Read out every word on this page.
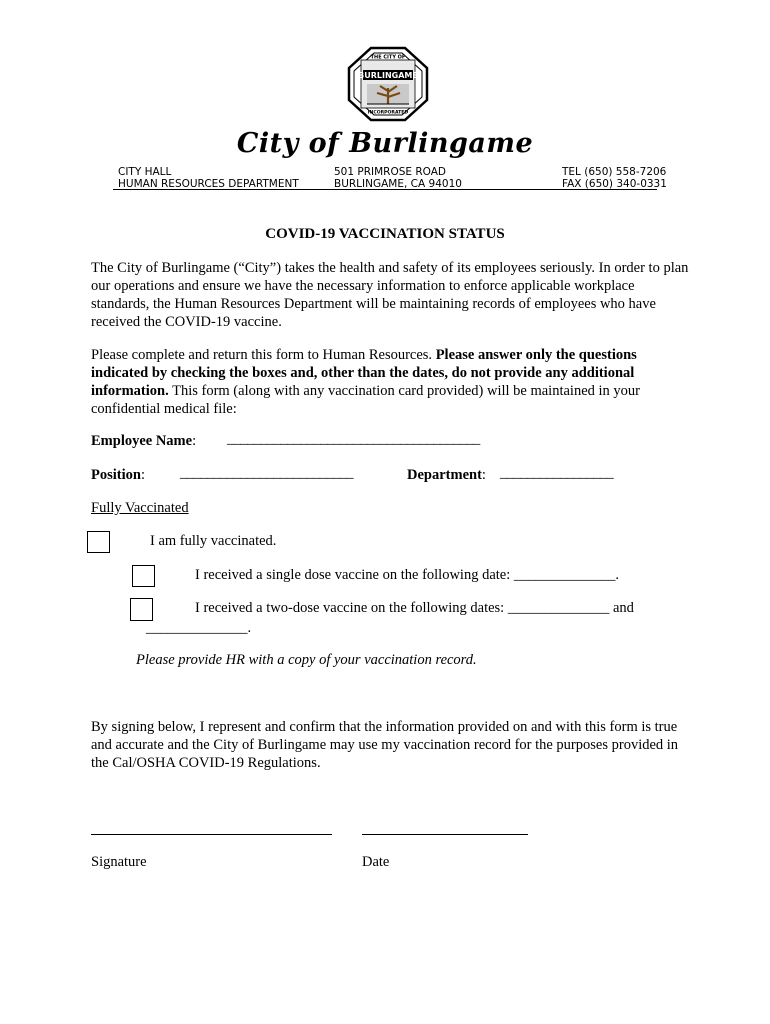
THE CITY OF
BURLINGAME
INCORPORATED
City of Burlingame
CITY HALL
HUMAN RESOURCES DEPARTMENT
501 PRIMROSE ROAD
BURLINGAME, CA 94010
TEL (650) 558-7206
FAX (650) 340-0331
COVID-19 VACCINATION STATUS
The City of Burlingame (“City”) takes the health and safety of its employees seriously. In order to plan our operations and ensure we have the necessary information to enforce applicable workplace standards, the Human Resources Department will be maintaining records of employees who have received the COVID-19 vaccine.
Please complete and return this form to Human Resources. Please answer only the questions indicated by checking the boxes and, other than the dates, do not provide any additional information. This form (along with any vaccination card provided) will be maintained in your confidential medical file:
Employee Name: ______________________________________
Position: __________________________	Department: _________________
Fully Vaccinated
I am fully vaccinated.
I received a single dose vaccine on the following date: ______________.
I received a two-dose vaccine on the following dates: ______________ and
______________.
Please provide HR with a copy of your vaccination record.
By signing below, I represent and confirm that the information provided on and with this form is true and accurate and the City of Burlingame may use my vaccination record for the purposes provided in the Cal/OSHA COVID-19 Regulations.
Signature	Date
